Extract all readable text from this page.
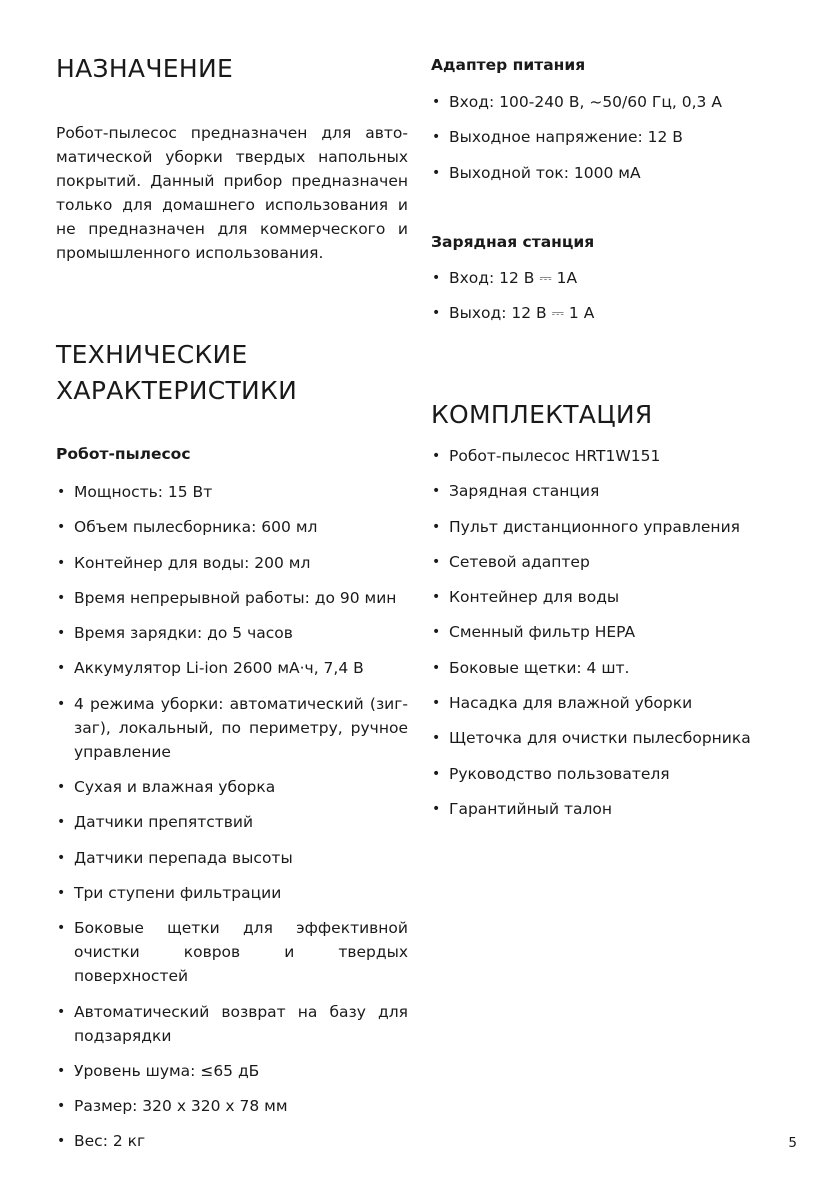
НАЗНАЧЕНИЕ

Робот-пылесос предназначен для автоматической уборки твердых напольных покрытий. Данный прибор предназначен только для домашнего использования и не предназначен для коммерческого и промышленного использования.

ТЕХНИЧЕСКИЕ
ХАРАКТЕРИСТИКИ
Робот-пылесос
• Мощность: 15 Вт
• Объем пылесборника: 600 мл
• Контейнер для воды: 200 мл
• Время непрерывной работы: до 90 мин
• Время зарядки: до 5 часов
• Аккумулятор Li-ion 2600 мА·ч, 7,4 В
• 4 режима уборки: автоматический (зигзаг), локальный, по периметру, ручное управление
• Сухая и влажная уборка
• Датчики препятствий
• Датчики перепада высоты
• Три ступени фильтрации
• Боковые щетки для эффективной очистки ковров и твердых поверхностей
• Автоматический возврат на базу для подзарядки
• Уровень шума: ≤65 дБ
• Размер: 320 х 320 х 78 мм
• Вес: 2 кг
Адаптер питания
• Вход: 100-240 В, ~50/60 Гц, 0,3 А
• Выходное напряжение: 12 В
• Выходной ток: 1000 мА
Зарядная станция
• Вход: 12 В ⎓ 1А
• Выход: 12 В ⎓ 1 А
КОМПЛЕКТАЦИЯ
• Робот-пылесос HRT1W151
• Зарядная станция
• Пульт дистанционного управления
• Сетевой адаптер
• Контейнер для воды
• Сменный фильтр HEPA
• Боковые щетки: 4 шт.
• Насадка для влажной уборки
• Щеточка для очистки пылесборника
• Руководство пользователя
• Гарантийный талон
5
